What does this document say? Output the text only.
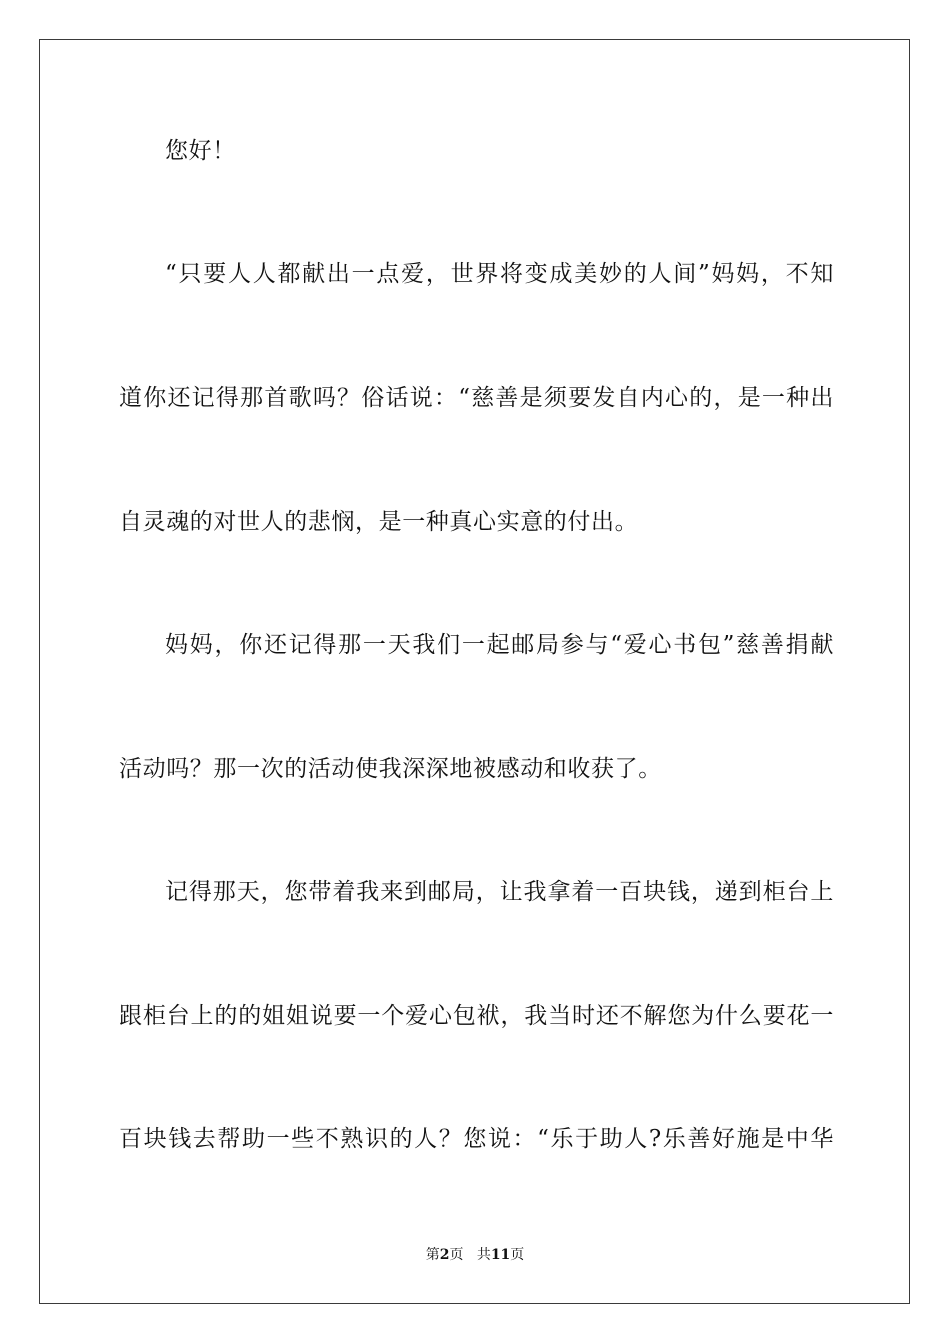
您好！
“只要人人都献出一点爱，世界将变成美妙的人间”妈妈，不知
道你还记得那首歌吗？俗话说：“慈善是须要发自内心的，是一种出
自灵魂的对世人的悲悯，是一种真心实意的付出。
妈妈，你还记得那一天我们一起邮局参与“爱心书包”慈善捐献
活动吗？那一次的活动使我深深地被感动和收获了。
记得那天，您带着我来到邮局，让我拿着一百块钱，递到柜台上
跟柜台上的的姐姐说要一个爱心包袱，我当时还不解您为什么要花一
百块钱去帮助一些不熟识的人？您说：“乐于助人?乐善好施是中华
第2页 共11页
